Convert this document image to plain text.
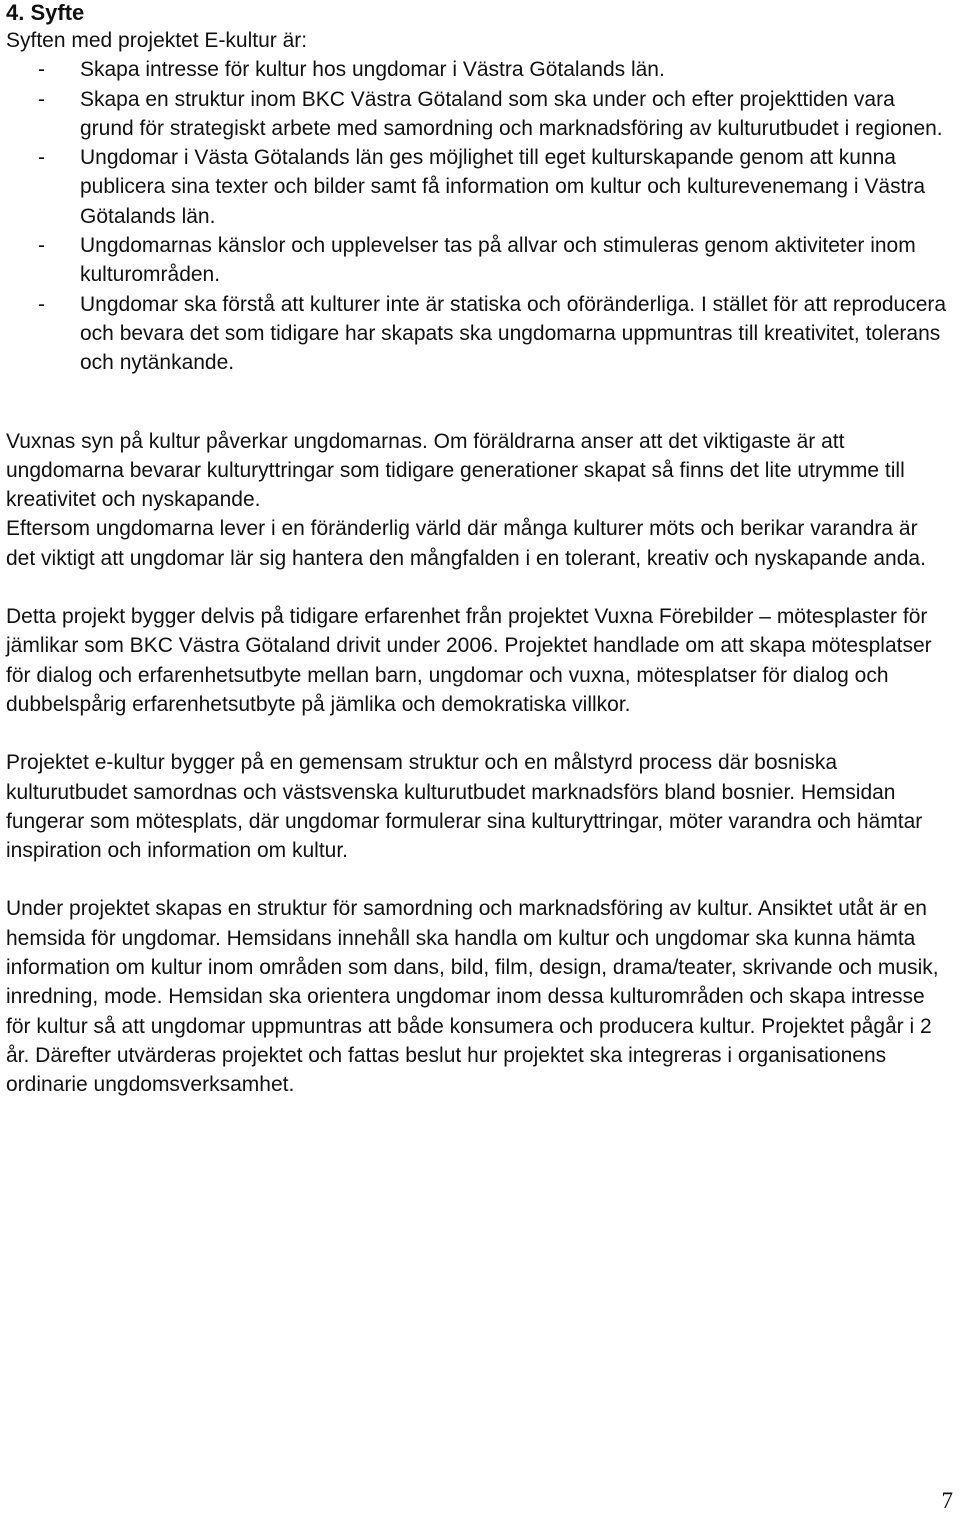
4. Syfte

Syften med projektet E-kultur är:

- Skapa intresse för kultur hos ungdomar i Västra Götalands län.
- Skapa en struktur inom BKC Västra Götaland som ska under och efter projekttiden vara grund för strategiskt arbete med samordning och marknadsföring av kulturutbudet i regionen.
- Ungdomar i Västa Götalands län ges möjlighet till eget kulturskapande genom att kunna publicera sina texter och bilder samt få information om kultur och kulturevenemang i Västra Götalands län.
- Ungdomarnas känslor och upplevelser tas på allvar och stimuleras genom aktiviteter inom kulturområden.
- Ungdomar ska förstå att kulturer inte är statiska och oföränderliga. I stället för att reproducera och bevara det som tidigare har skapats ska ungdomarna uppmuntras till kreativitet, tolerans och nytänkande.

Vuxnas syn på kultur påverkar ungdomarnas. Om föräldrarna anser att det viktigaste är att ungdomarna bevarar kulturyttringar som tidigare generationer skapat så finns det lite utrymme till kreativitet och nyskapande.

Eftersom ungdomarna lever i en föränderlig värld där många kulturer möts och berikar varandra är det viktigt att ungdomar lär sig hantera den mångfalden i en tolerant, kreativ och nyskapande anda.

Detta projekt bygger delvis på tidigare erfarenhet från projektet Vuxna Förebilder – mötesplaster för jämlikar som BKC Västra Götaland drivit under 2006. Projektet handlade om att skapa mötesplatser för dialog och erfarenhetsutbyte mellan barn, ungdomar och vuxna, mötesplatser för dialog och dubbelspårig erfarenhetsutbyte på jämlika och demokratiska villkor.

Projektet e-kultur bygger på en gemensam struktur och en målstyrd process där bosniska kulturutbudet samordnas och västsvenska kulturutbudet marknadsförs bland bosnier. Hemsidan fungerar som mötesplats, där ungdomar formulerar sina kulturyttringar, möter varandra och hämtar inspiration och information om kultur.

Under projektet skapas en struktur för samordning och marknadsföring av kultur. Ansiktet utåt är en hemsida för ungdomar. Hemsidans innehåll ska handla om kultur och ungdomar ska kunna hämta information om kultur inom områden som dans, bild, film, design, drama/teater, skrivande och musik, inredning, mode. Hemsidan ska orientera ungdomar inom dessa kulturområden och skapa intresse för kultur så att ungdomar uppmuntras att både konsumera och producera kultur. Projektet pågår i 2 år. Därefter utvärderas projektet och fattas beslut hur projektet ska integreras i organisationens ordinarie ungdomsverksamhet.

7
